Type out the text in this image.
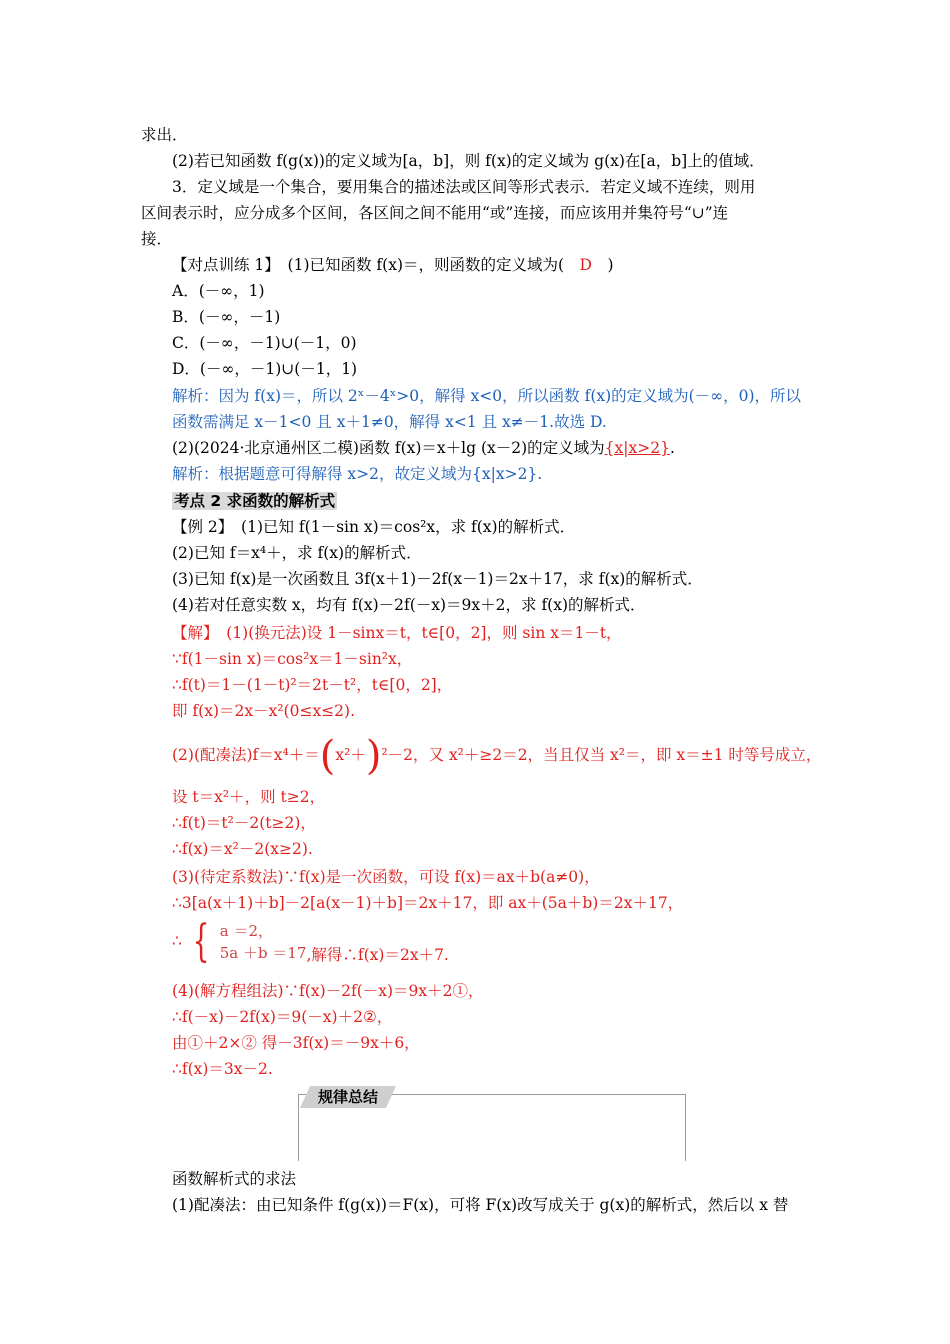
求出．
(2)若已知函数 f(g(x))的定义域为[a，b]，则 f(x)的定义域为 g(x)在[a，b]上的值域．
3．定义域是一个集合，要用集合的描述法或区间等形式表示．若定义域不连续，则用
区间表示时，应分成多个区间，各区间之间不能用“或”连接，而应该用并集符号“∪”连
接．
【对点训练 1】　(1)已知函数 f(x)＝，则函数的定义域为(　D　)
A．(－∞，1)
B．(－∞，－1)
C．(－∞，－1)∪(－1，0)
D．(－∞，－1)∪(－1，1)
解析：因为 f(x)＝，所以 2ˣ－4ˣ>0，解得 x<0，所以函数 f(x)的定义域为(－∞，0)，所以
函数需满足 x－1<0 且 x＋1≠0，解得 x<1 且 x≠－1.故选 D.
(2)(2024·北京通州区二模)函数 f(x)＝x＋lg (x－2)的定义域为{x|x>2}.
解析：根据题意可得解得 x>2，故定义域为{x|x>2}.
考点 2 求函数的解析式
【例 2】　(1)已知 f(1－sin x)＝cos²x，求 f(x)的解析式．
(2)已知 f＝x⁴＋，求 f(x)的解析式．
(3)已知 f(x)是一次函数且 3f(x＋1)－2f(x－1)＝2x＋17，求 f(x)的解析式．
(4)若对任意实数 x，均有 f(x)－2f(－x)＝9x＋2，求 f(x)的解析式．
【解】　(1)(换元法)设 1－sinx＝t，t∈[0，2]，则 sin x＝1－t，
∵f(1－sin x)＝cos²x＝1－sin²x，
∴f(t)＝1－(1－t)²＝2t－t²，t∈[0，2]，
即 f(x)＝2x－x²(0≤x≤2).
(2)(配凑法)f＝x⁴＋＝(x²＋)²－2，又 x²＋≥2＝2，当且仅当 x²＝，即 x＝±1 时等号成立，
设 t＝x²＋，则 t≥2，
∴f(t)＝t²－2(t≥2)，
∴f(x)＝x²－2(x≥2).
(3)(待定系数法)∵f(x)是一次函数，可设 f(x)＝ax＋b(a≠0)，
∴3[a(x＋1)＋b]－2[a(x－1)＋b]＝2x＋17，即 ax＋(5a＋b)＝2x＋17，
∴ { a ＝2，
5a ＋b ＝17 ,解得∴f(x)＝2x＋7.
(4)(解方程组法)∵f(x)－2f(－x)＝9x＋2①，
∴f(－x)－2f(x)＝9(－x)＋2②，
由①＋2×② 得－3f(x)＝－9x＋6，
∴f(x)＝3x－2.
规律总结
函数解析式的求法
(1)配凑法：由已知条件 f(g(x))＝F(x)，可将 F(x)改写成关于 g(x)的解析式，然后以 x 替
